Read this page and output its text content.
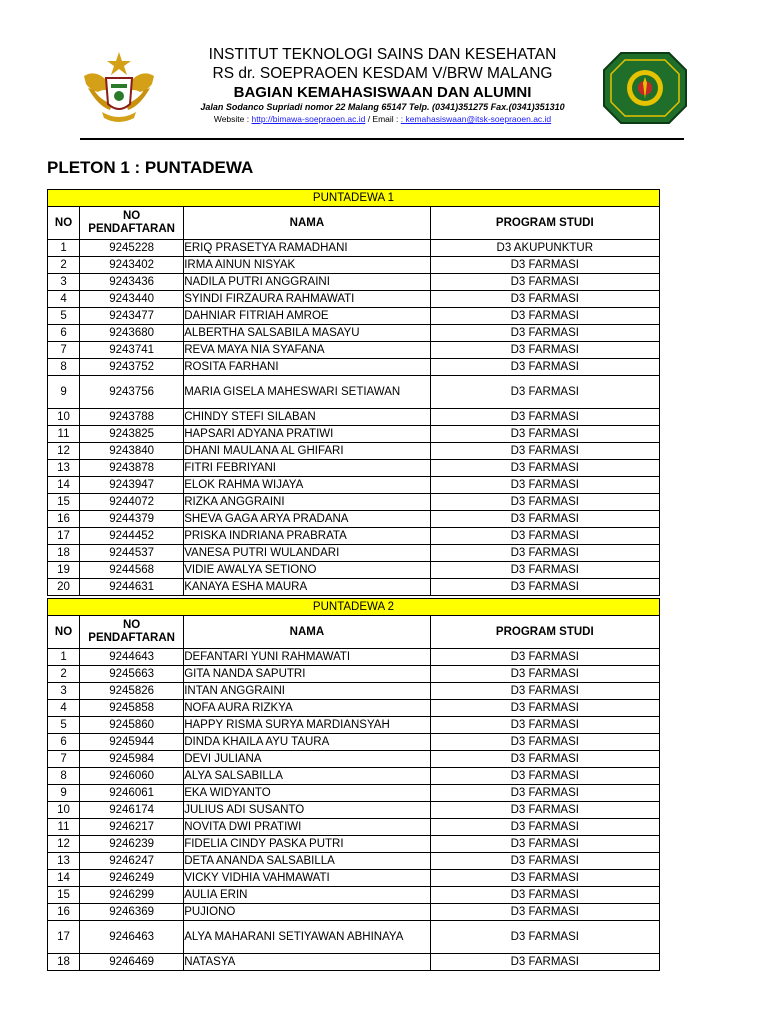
INSTITUT TEKNOLOGI SAINS DAN KESEHATAN
RS dr. SOEPRAOEN KESDAM V/BRW MALANG
BAGIAN KEMAHASISWAAN DAN ALUMNI
Jalan Sodanco Supriadi nomor 22 Malang 65147 Telp. (0341)351275 Fax.(0341)351310
Website : http://bimawa-soepraoen.ac.id / Email : : kemahasiswaan@itsk-soepraoen.ac.id
PLETON 1 : PUNTADEWA
PUNTADEWA 1			
NO	NO PENDAFTARAN	NAMA	PROGRAM STUDI
1	9245228	ERIQ PRASETYA RAMADHANI	D3 AKUPUNKTUR
2	9243402	IRMA AINUN NISYAK	D3 FARMASI
3	9243436	NADILA PUTRI ANGGRAINI	D3 FARMASI
4	9243440	SYINDI FIRZAURA RAHMAWATI	D3 FARMASI
5	9243477	DAHNIAR FITRIAH AMROE	D3 FARMASI
6	9243680	ALBERTHA SALSABILA MASAYU	D3 FARMASI
7	9243741	REVA MAYA NIA SYAFANA	D3 FARMASI
8	9243752	ROSITA FARHANI	D3 FARMASI
9	9243756	MARIA GISELA MAHESWARI SETIAWAN	D3 FARMASI
10	9243788	CHINDY STEFI SILABAN	D3 FARMASI
11	9243825	HAPSARI ADYANA PRATIWI	D3 FARMASI
12	9243840	DHANI MAULANA AL GHIFARI	D3 FARMASI
13	9243878	FITRI FEBRIYANI	D3 FARMASI
14	9243947	ELOK RAHMA WIJAYA	D3 FARMASI
15	9244072	RIZKA ANGGRAINI	D3 FARMASI
16	9244379	SHEVA GAGA ARYA PRADANA	D3 FARMASI
17	9244452	PRISKA INDRIANA PRABRATA	D3 FARMASI
18	9244537	VANESA PUTRI WULANDARI	D3 FARMASI
19	9244568	VIDIE AWALYA SETIONO	D3 FARMASI
20	9244631	KANAYA ESHA MAURA	D3 FARMASI
PUNTADEWA 2			
NO	NO PENDAFTARAN	NAMA	PROGRAM STUDI
1	9244643	DEFANTARI YUNI RAHMAWATI	D3 FARMASI
2	9245663	GITA NANDA SAPUTRI	D3 FARMASI
3	9245826	INTAN ANGGRAINI	D3 FARMASI
4	9245858	NOFA AURA RIZKYA	D3 FARMASI
5	9245860	HAPPY RISMA SURYA MARDIANSYAH	D3 FARMASI
6	9245944	DINDA KHAILA AYU TAURA	D3 FARMASI
7	9245984	DEVI JULIANA	D3 FARMASI
8	9246060	ALYA SALSABILLA	D3 FARMASI
9	9246061	EKA WIDYANTO	D3 FARMASI
10	9246174	JULIUS ADI SUSANTO	D3 FARMASI
11	9246217	NOVITA DWI PRATIWI	D3 FARMASI
12	9246239	FIDELIA CINDY PASKA PUTRI	D3 FARMASI
13	9246247	DETA ANANDA SALSABILLA	D3 FARMASI
14	9246249	VICKY VIDHIA VAHMAWATI	D3 FARMASI
15	9246299	AULIA ERIN	D3 FARMASI
16	9246369	PUJIONO	D3 FARMASI
17	9246463	ALYA MAHARANI SETIYAWAN ABHINAYA	D3 FARMASI
18	9246469	NATASYA	D3 FARMASI
